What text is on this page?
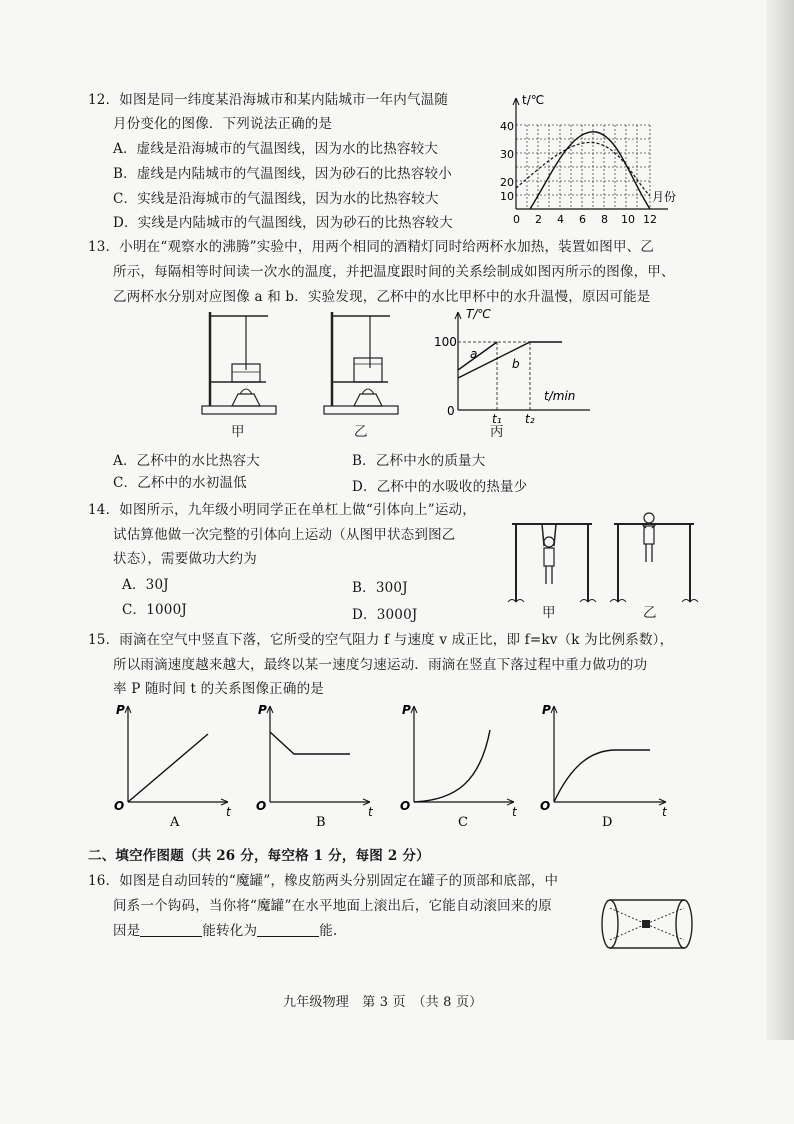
12．如图是同一纬度某沿海城市和某内陆城市一年内气温随
月份变化的图像．下列说法正确的是
A．虚线是沿海城市的气温图线，因为水的比热容较大
B．虚线是内陆城市的气温图线，因为砂石的比热容较小
C．实线是沿海城市的气温图线，因为水的比热容较大
D．实线是内陆城市的气温图线，因为砂石的比热容较大
t/℃
月份
40
30
20
10
0 2 4 6 8 10 12
13．小明在“观察水的沸腾”实验中，用两个相同的酒精灯同时给两杯水加热，装置如图甲、乙
所示，每隔相等时间读一次水的温度，并把温度跟时间的关系绘制成如图丙所示的图像，甲、
乙两杯水分别对应图像 a 和 b．实验发现，乙杯中的水比甲杯中的水升温慢，原因可能是
甲	乙
T/℃
t/min
100
0
t₁ t₂
a
b
丙
A．乙杯中的水比热容大	B．乙杯中水的质量大
C．乙杯中的水初温低	D．乙杯中的水吸收的热量少
14．如图所示，九年级小明同学正在单杠上做“引体向上”运动，
试估算他做一次完整的引体向上运动（从图甲状态到图乙
状态），需要做功大约为
A．30J	B．300J
C．1000J	D．3000J	甲	乙
15．雨滴在空气中竖直下落，它所受的空气阻力 f 与速度 v 成正比，即 f=kv（k 为比例系数），
所以雨滴速度越来越大，最终以某一速度匀速运动．雨滴在竖直下落过程中重力做功的功
率 P 随时间 t 的关系图像正确的是
P
O	t
A
P
O	t
B
P
O	t
C
P
O	t
D
二、填空作图题（共 26 分，每空格 1 分，每图 2 分）
16．如图是自动回转的“魔罐”，橡皮筋两头分别固定在罐子的顶部和底部，中
间系一个钩码，当你将“魔罐”在水平地面上滚出后，它能自动滚回来的原
因是	能转化为	能.
九年级物理　第 3 页　（共 8 页）
